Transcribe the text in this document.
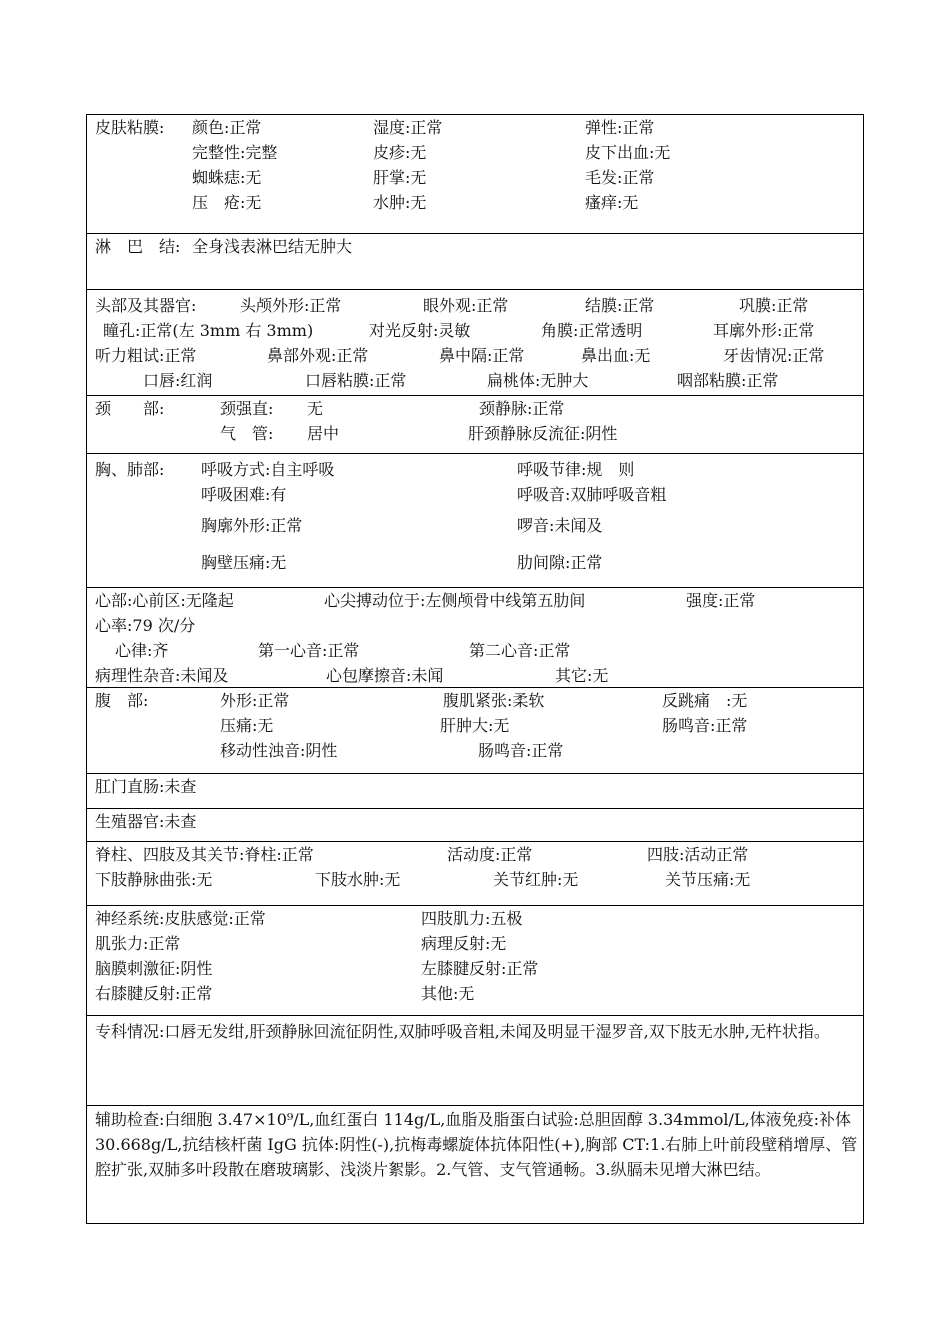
皮肤粘膜: 颜色:正常	湿度:正常	弹性:正常
完整性:完整	皮疹:无	皮下出血:无
蜘蛛痣:无	肝掌:无	毛发:正常
压　疮:无	水肿:无	瘙痒:无
淋　巴　结: 全身浅表淋巴结无肿大
头部及其器官:	头颅外形:正常	眼外观:正常	结膜:正常	巩膜:正常
瞳孔:正常(左 3mm 右 3mm)	对光反射:灵敏	角膜:正常透明	耳廓外形:正常
听力粗试:正常	鼻部外观:正常	鼻中隔:正常	鼻出血:无	牙齿情况:正常
口唇:红润	口唇粘膜:正常	扁桃体:无肿大	咽部粘膜:正常
颈　　部:	颈强直: 无	颈静脉:正常
气　管: 居中	肝颈静脉反流征:阴性
胸、肺部: 呼吸方式:自主呼吸	呼吸节律:规　则
呼吸困难:有	呼吸音:双肺呼吸音粗
胸廓外形:正常	啰音:未闻及
胸壁压痛:无	肋间隙:正常
心部:心前区:无隆起	心尖搏动位于:左侧颅骨中线第五肋间	强度:正常
心率:79 次/分
心律:齐	第一心音:正常	第二心音:正常
病理性杂音:未闻及	心包摩擦音:未闻	其它:无
腹　部:	外形:正常	腹肌紧张:柔软	反跳痛　:无
压痛:无	肝肿大:无	肠鸣音:正常
移动性浊音:阴性	肠鸣音:正常
肛门直肠:未查
生殖器官:未查
脊柱、四肢及其关节:脊柱:正常	活动度:正常	四肢:活动正常
下肢静脉曲张:无	下肢水肿:无	关节红肿:无	关节压痛:无
神经系统:皮肤感觉:正常	四肢肌力:五极
肌张力:正常	病理反射:无
脑膜刺激征:阴性	左膝腱反射:正常
右膝腱反射:正常	其他:无
专科情况:口唇无发绀,肝颈静脉回流征阴性,双肺呼吸音粗,未闻及明显干湿罗音,双下肢无水肿,无杵状指。
辅助检查:白细胞 3.47×10⁹/L,血红蛋白 114g/L,血脂及脂蛋白试验:总胆固醇 3.34mmol/L,体液免疫:补体 30.668g/L,抗结核杆菌 IgG 抗体:阴性(-),抗梅毒螺旋体抗体阳性(+),胸部 CT:1.右肺上叶前段壁稍增厚、管腔扩张,双肺多叶段散在磨玻璃影、浅淡片絮影。2.气管、支气管通畅。3.纵膈未见增大淋巴结。
